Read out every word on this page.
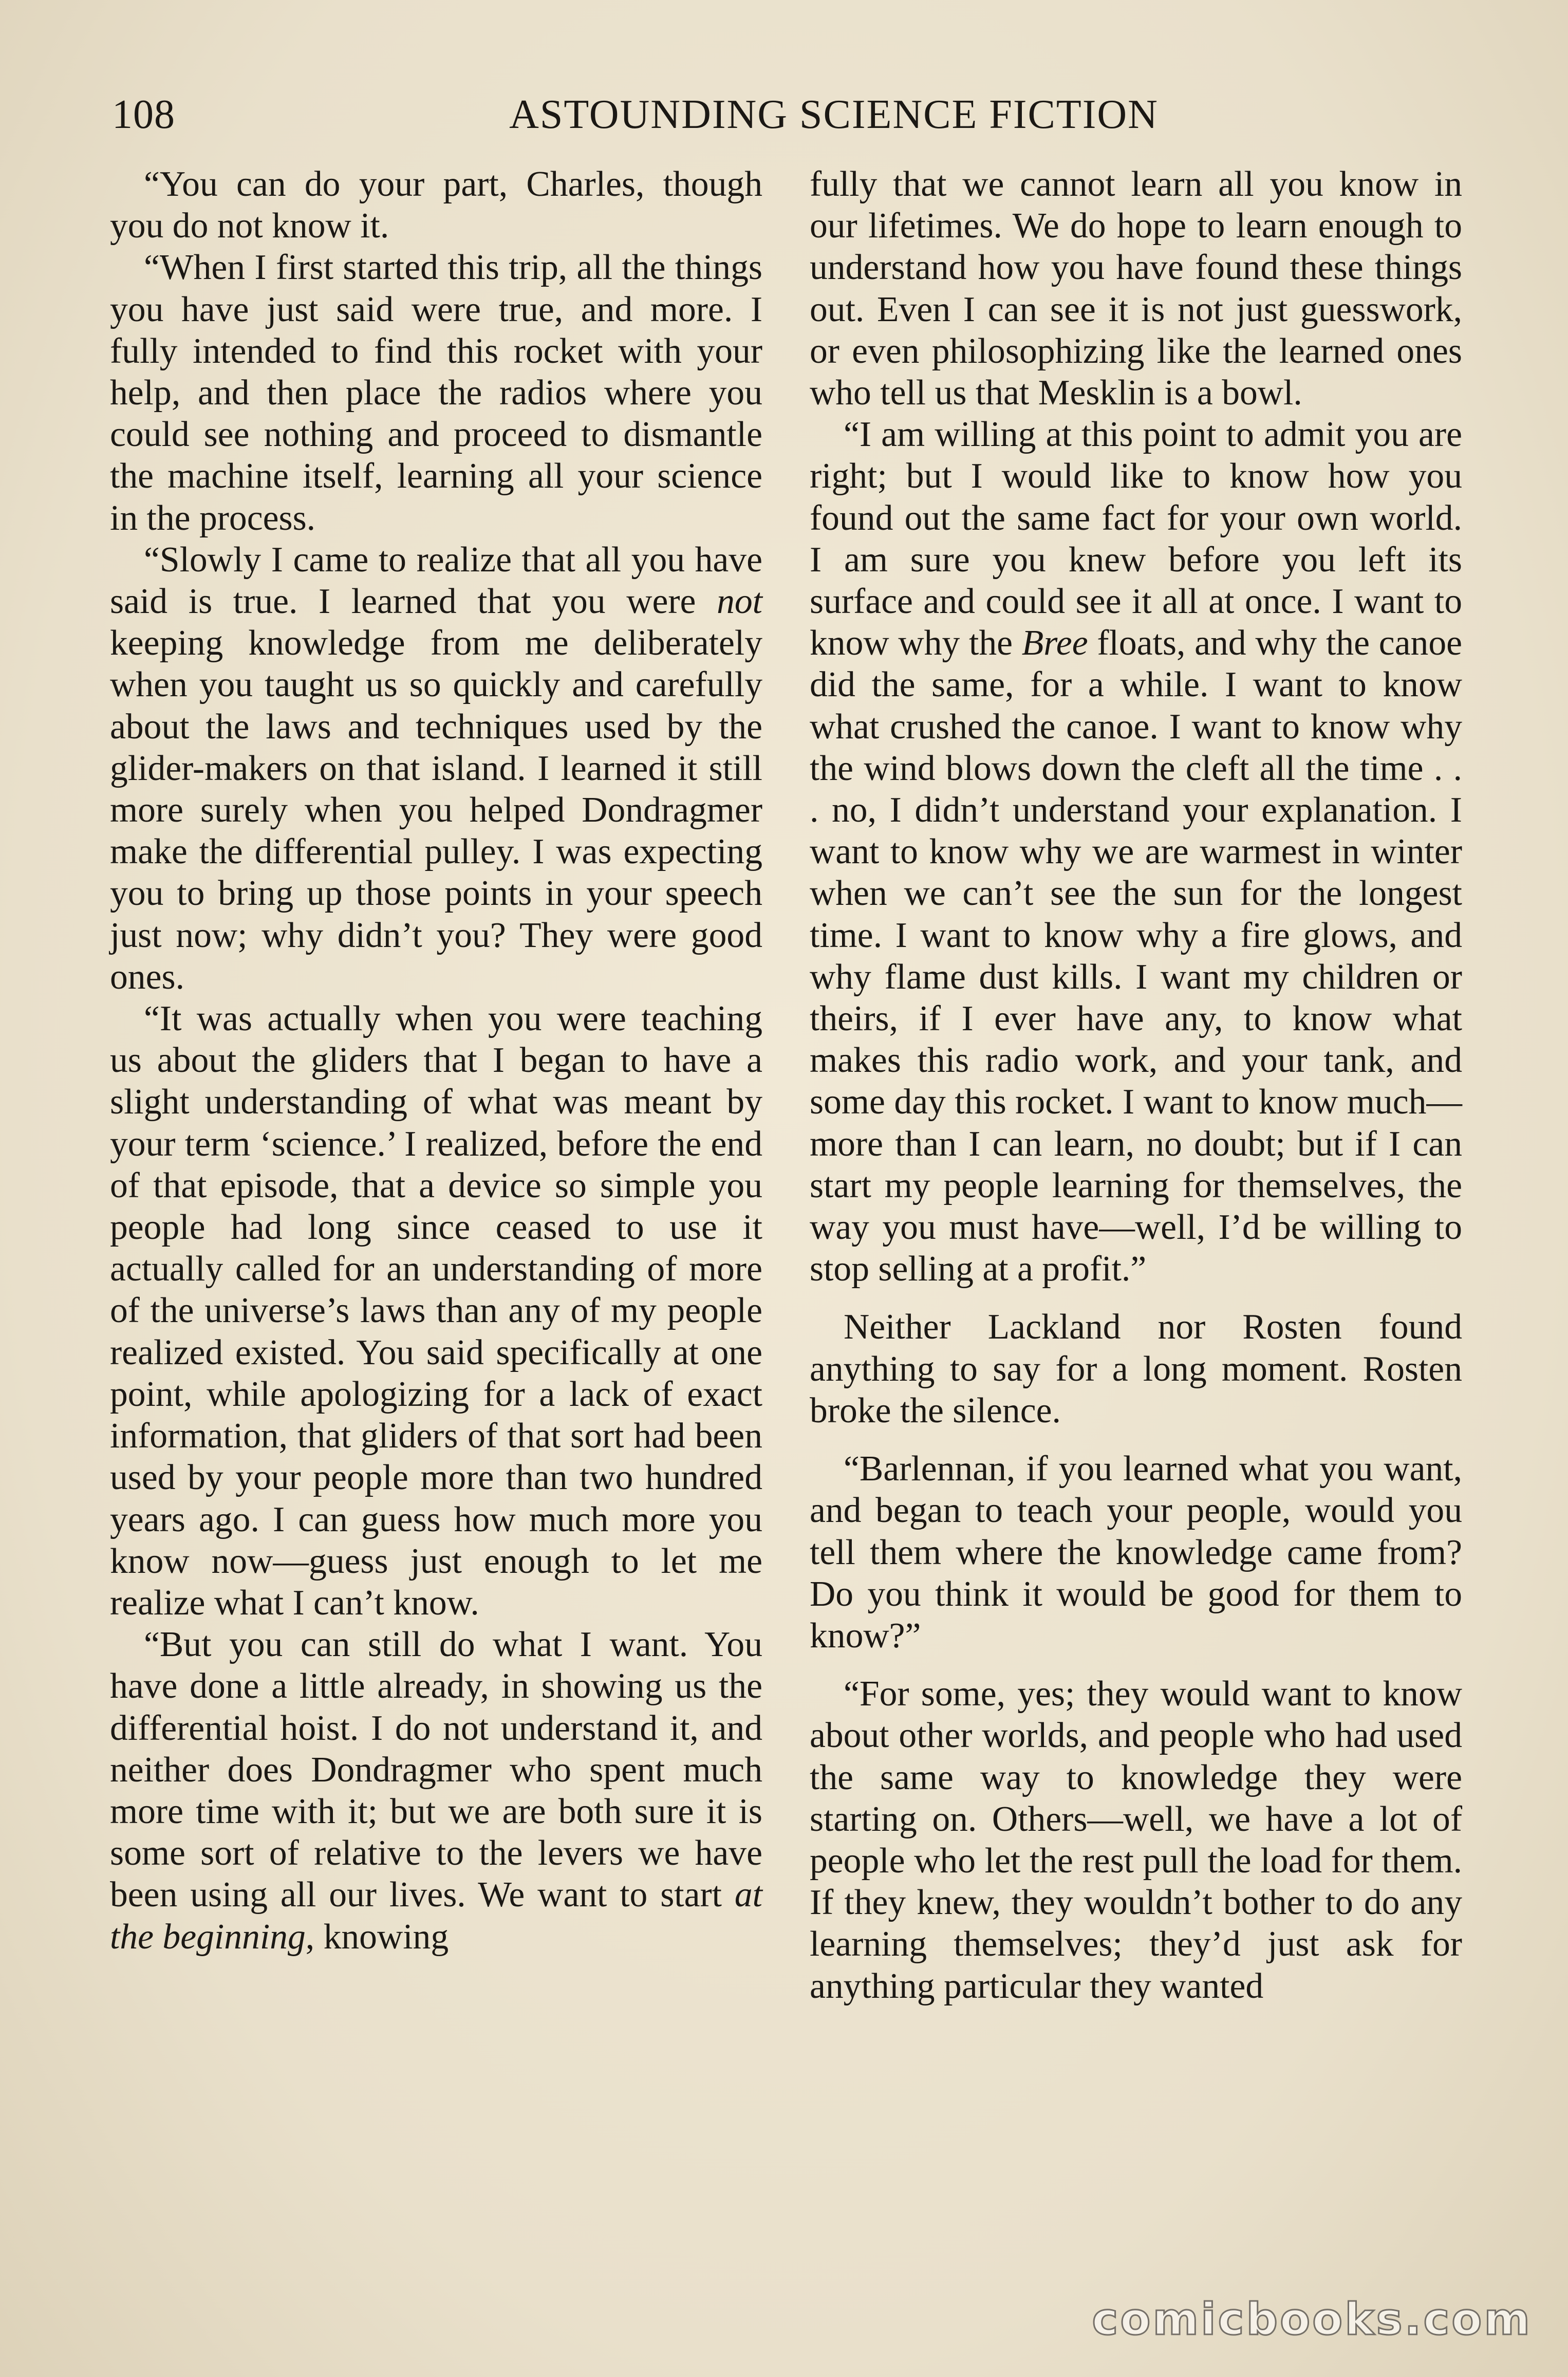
108	ASTOUNDING SCIENCE FICTION

“You can do your part, Charles, though you do not know it.

“When I first started this trip, all the things you have just said were true, and more. I fully intended to find this rocket with your help, and then place the radios where you could see nothing and proceed to dismantle the machine itself, learning all your science in the process.

“Slowly I came to realize that all you have said is true. I learned that you were not keeping knowledge from me deliberately when you taught us so quickly and carefully about the laws and techniques used by the glider-makers on that island. I learned it still more surely when you helped Dondragmer make the differential pulley. I was expecting you to bring up those points in your speech just now; why didn’t you? They were good ones.

“It was actually when you were teaching us about the gliders that I began to have a slight understanding of what was meant by your term ‘science.’ I realized, before the end of that episode, that a device so simple you people had long since ceased to use it actually called for an understanding of more of the universe’s laws than any of my people realized existed. You said specifically at one point, while apologizing for a lack of exact information, that gliders of that sort had been used by your people more than two hundred years ago. I can guess how much more you know now—guess just enough to let me realize what I can’t know.

“But you can still do what I want. You have done a little already, in showing us the differential hoist. I do not understand it, and neither does Dondragmer who spent much more time with it; but we are both sure it is some sort of relative to the levers we have been using all our lives. We want to start at the beginning, knowing

fully that we cannot learn all you know in our lifetimes. We do hope to learn enough to understand how you have found these things out. Even I can see it is not just guesswork, or even philosophizing like the learned ones who tell us that Mesklin is a bowl.

“I am willing at this point to admit you are right; but I would like to know how you found out the same fact for your own world. I am sure you knew before you left its surface and could see it all at once. I want to know why the Bree floats, and why the canoe did the same, for a while. I want to know what crushed the canoe. I want to know why the wind blows down the cleft all the time . . . no, I didn’t understand your explanation. I want to know why we are warmest in winter when we can’t see the sun for the longest time. I want to know why a fire glows, and why flame dust kills. I want my children or theirs, if I ever have any, to know what makes this radio work, and your tank, and some day this rocket. I want to know much—more than I can learn, no doubt; but if I can start my people learning for themselves, the way you must have—well, I’d be willing to stop selling at a profit.”

Neither Lackland nor Rosten found anything to say for a long moment. Rosten broke the silence.

“Barlennan, if you learned what you want, and began to teach your people, would you tell them where the knowledge came from? Do you think it would be good for them to know?”

“For some, yes; they would want to know about other worlds, and people who had used the same way to knowledge they were starting on. Others—well, we have a lot of people who let the rest pull the load for them. If they knew, they wouldn’t bother to do any learning themselves; they’d just ask for anything particular they wanted

comicbooks.com
